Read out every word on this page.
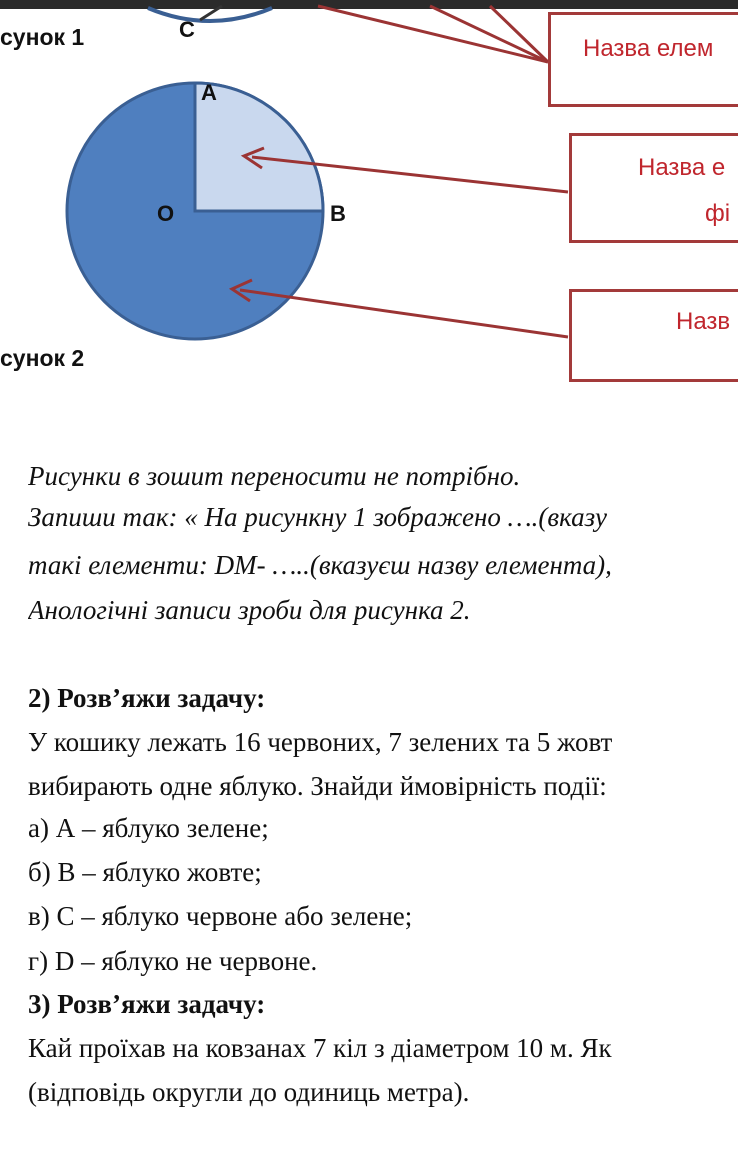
сунок 1	C
A
O	B
сунок 2
Назва елем
Назва е
фі
Назв
Рисунки в зошит переносити не потрібно.
Запиши так: « На рисункну 1 зображено ….(вказу
такі елементи: DM- …..(вказуєш назву елемента),
Анологічні записи зроби для рисунка 2.
2) Розв’яжи задачу:
У кошику лежать 16 червоних, 7 зелених та 5 жовт
вибирають одне яблуко. Знайди ймовірність події:
а) А – яблуко зелене;
б) В – яблуко жовте;
в) С – яблуко червоне або зелене;
г) D – яблуко не червоне.
3) Розв’яжи задачу:
Кай проїхав на ковзанах 7 кіл з діаметром 10 м. Як
(відповідь округли до одиниць метра).
